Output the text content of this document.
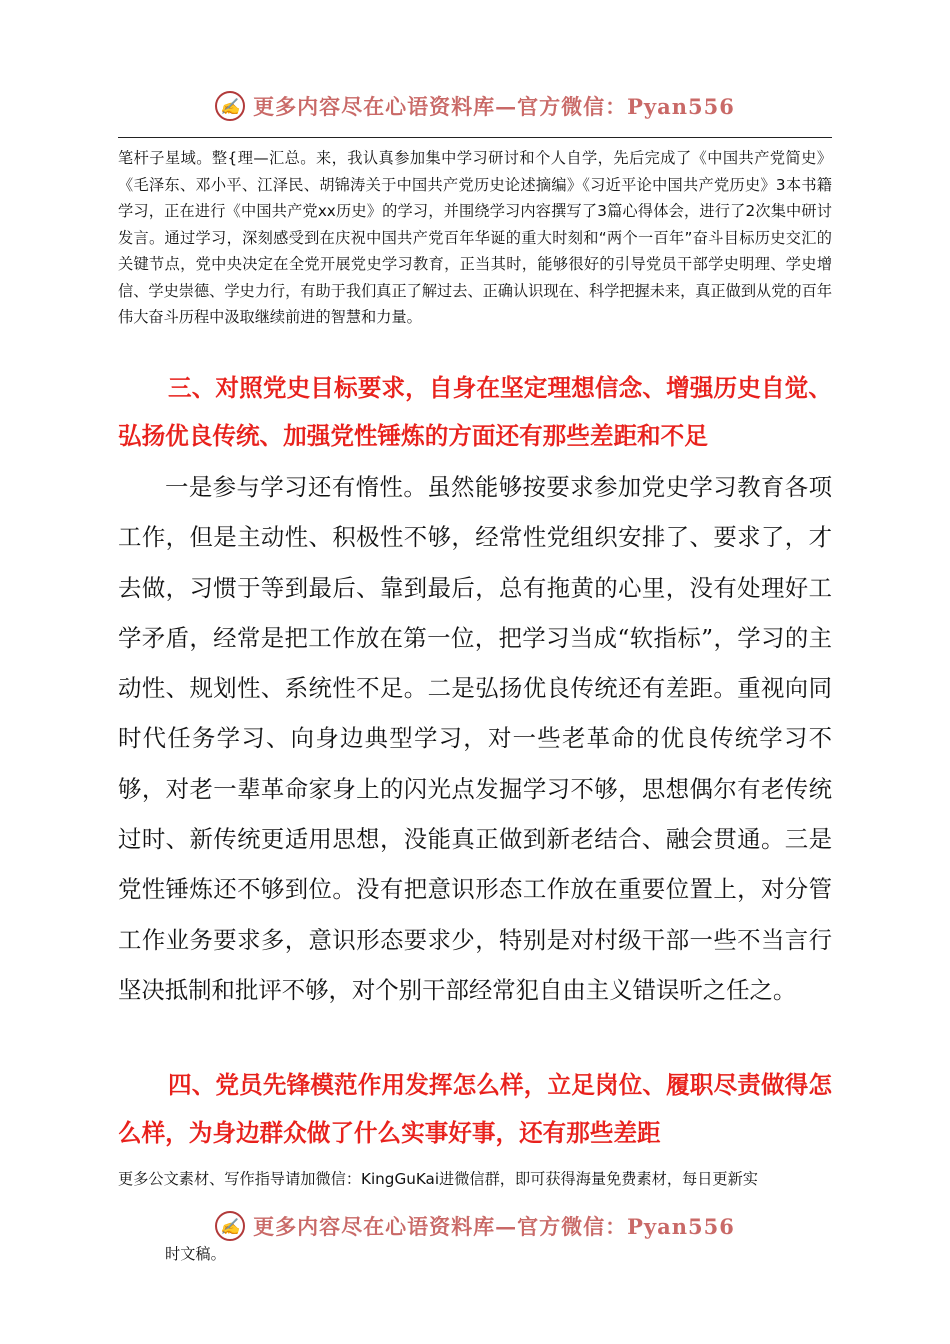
✍ 更多内容尽在心语资料库—官方微信：Pyan556

笔杆子星域。整{理—汇总。来，我认真参加集中学习研讨和个人自学，先后完成了《中国共产党简史》《毛泽东、邓小平、江泽民、胡锦涛关于中国共产党历史论述摘编》《习近平论中国共产党历史》3本书籍学习，正在进行《中国共产党xx历史》的学习，并围绕学习内容撰写了3篇心得体会，进行了2次集中研讨发言。通过学习，深刻感受到在庆祝中国共产党百年华诞的重大时刻和“两个一百年”奋斗目标历史交汇的关键节点，党中央决定在全党开展党史学习教育，正当其时，能够很好的引导党员干部学史明理、学史增信、学史崇德、学史力行，有助于我们真正了解过去、正确认识现在、科学把握未来，真正做到从党的百年伟大奋斗历程中汲取继续前进的智慧和力量。

三、对照党史目标要求，自身在坚定理想信念、增强历史自觉、弘扬优良传统、加强党性锤炼的方面还有那些差距和不足

一是参与学习还有惰性。虽然能够按要求参加党史学习教育各项工作，但是主动性、积极性不够，经常性党组织安排了、要求了，才去做，习惯于等到最后、靠到最后，总有拖黄的心里，没有处理好工学矛盾，经常是把工作放在第一位，把学习当成“软指标”，学习的主动性、规划性、系统性不足。二是弘扬优良传统还有差距。重视向同时代任务学习、向身边典型学习，对一些老革命的优良传统学习不够，对老一辈革命家身上的闪光点发掘学习不够，思想偶尔有老传统过时、新传统更适用思想，没能真正做到新老结合、融会贯通。三是党性锤炼还不够到位。没有把意识形态工作放在重要位置上，对分管工作业务要求多，意识形态要求少，特别是对村级干部一些不当言行坚决抵制和批评不够，对个别干部经常犯自由主义错误听之任之。

四、党员先锋模范作用发挥怎么样，立足岗位、履职尽责做得怎么样，为身边群众做了什么实事好事，还有那些差距

更多公文素材、写作指导请加微信：KingGuKai进微信群，即可获得海量免费素材，每日更新实

✍ 更多内容尽在心语资料库—官方微信：Pyan556

时文稿。
